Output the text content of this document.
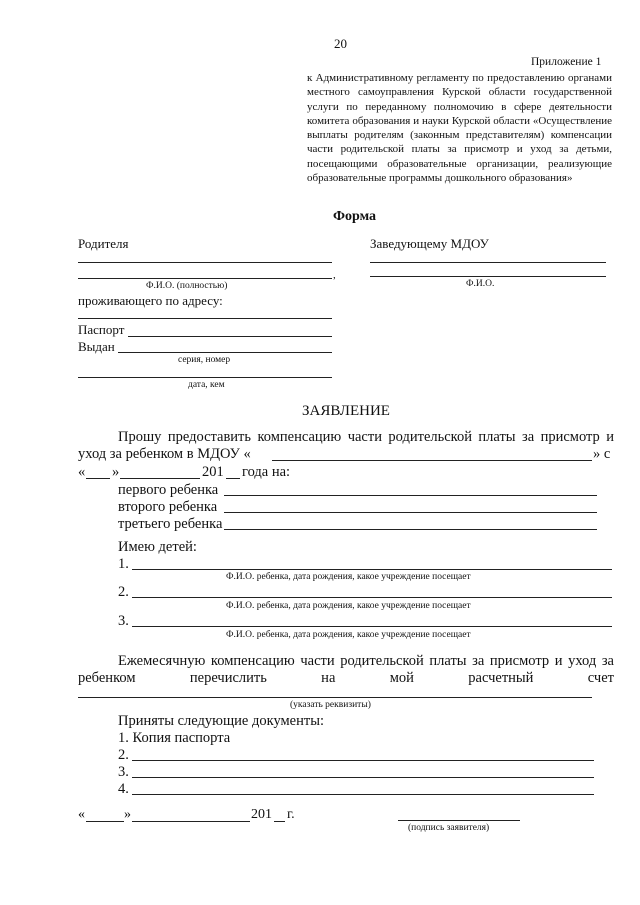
20
Приложение 1
к Административному регламенту по предоставлению органами местного самоуправления Курской области государственной услуги по переданному полномочию в сфере деятельности комитета образования и науки Курской области «Осуществление выплаты родителям (законным представителям) компенсации части родительской платы за присмотр и уход за детьми, посещающими образовательные организации, реализующие образовательные программы дошкольного образования»
Форма
Родителя
,
Ф.И.О. (полностью)
проживающего по адресу:
Паспорт
Выдан
серия, номер
дата, кем
Заведующему МДОУ
Ф.И.О.
ЗАЯВЛЕНИЕ
Прошу предоставить компенсацию части родительской платы за присмотр и
уход за ребенком в МДОУ «	» с
« »	201 года на:
первого ребенка
второго ребенка
третьего ребенка
Имею детей:
1.
Ф.И.О. ребенка, дата рождения, какое учреждение посещает
2.
Ф.И.О. ребенка, дата рождения, какое учреждение посещает
3.
Ф.И.О. ребенка, дата рождения, какое учреждение посещает
Ежемесячную компенсацию части родительской платы за присмотр и уход за
ребенком перечислить на мой расчетный счет
(указать реквизиты)
Приняты следующие документы:
1. Копия паспорта
2.
3.
4.
«	»	201 г.
(подпись заявителя)
